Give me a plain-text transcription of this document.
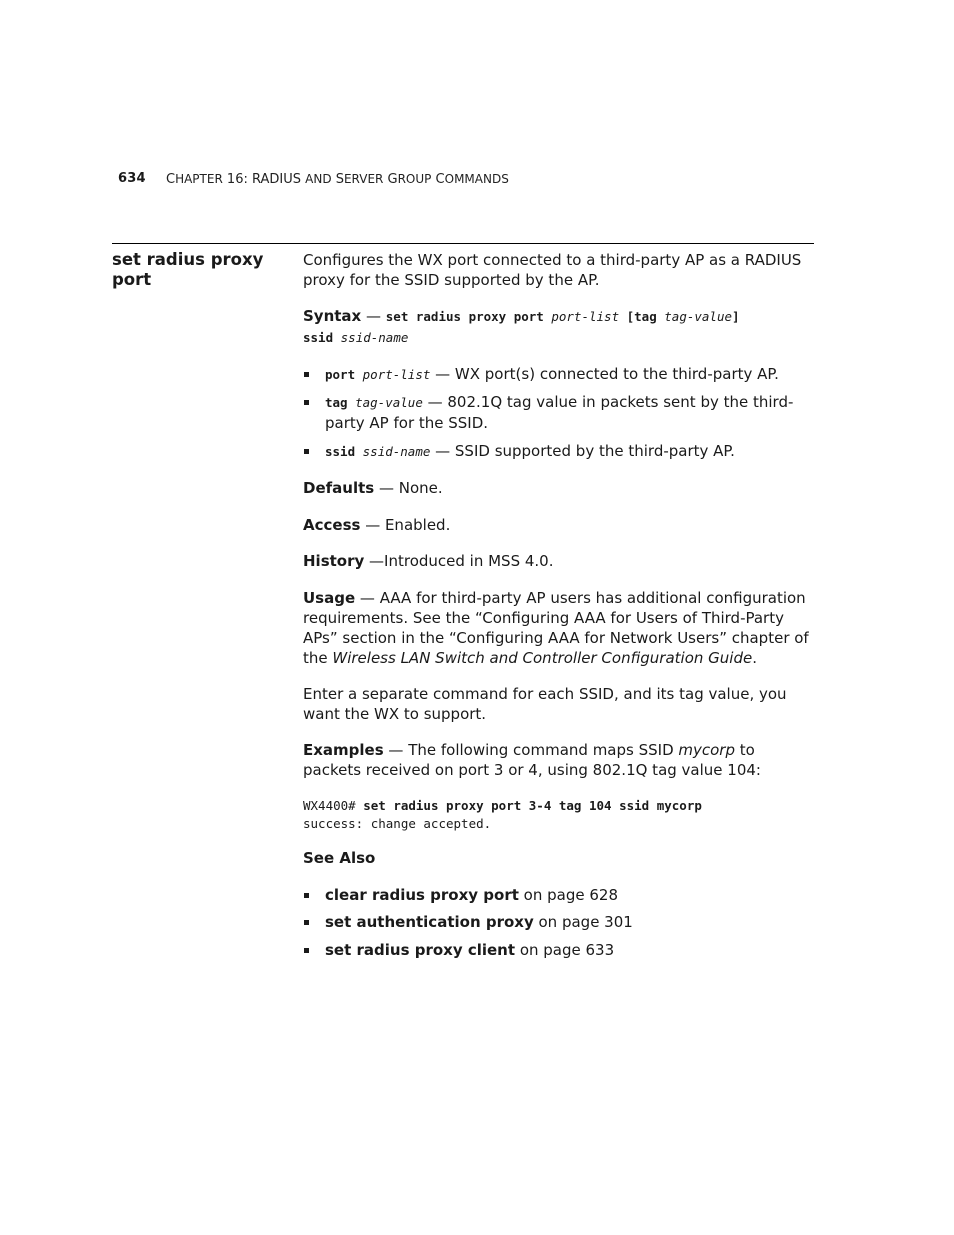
634 CHAPTER 16: RADIUS AND SERVER GROUP COMMANDS
set radius proxy port

Configures the WX port connected to a third-party AP as a RADIUS proxy for the SSID supported by the AP.

Syntax — set radius proxy port port-list [tag tag-value]
ssid ssid-name

port port-list — WX port(s) connected to the third-party AP.
tag tag-value — 802.1Q tag value in packets sent by the third-party AP for the SSID.
ssid ssid-name — SSID supported by the third-party AP.

Defaults — None.

Access — Enabled.

History —Introduced in MSS 4.0.

Usage — AAA for third-party AP users has additional configuration requirements. See the “Configuring AAA for Users of Third-Party APs” section in the “Configuring AAA for Network Users” chapter of the Wireless LAN Switch and Controller Configuration Guide.

Enter a separate command for each SSID, and its tag value, you want the WX to support.

Examples — The following command maps SSID mycorp to packets received on port 3 or 4, using 802.1Q tag value 104:

WX4400# set radius proxy port 3-4 tag 104 ssid mycorp
success: change accepted.

See Also

clear radius proxy port on page 628
set authentication proxy on page 301
set radius proxy client on page 633
